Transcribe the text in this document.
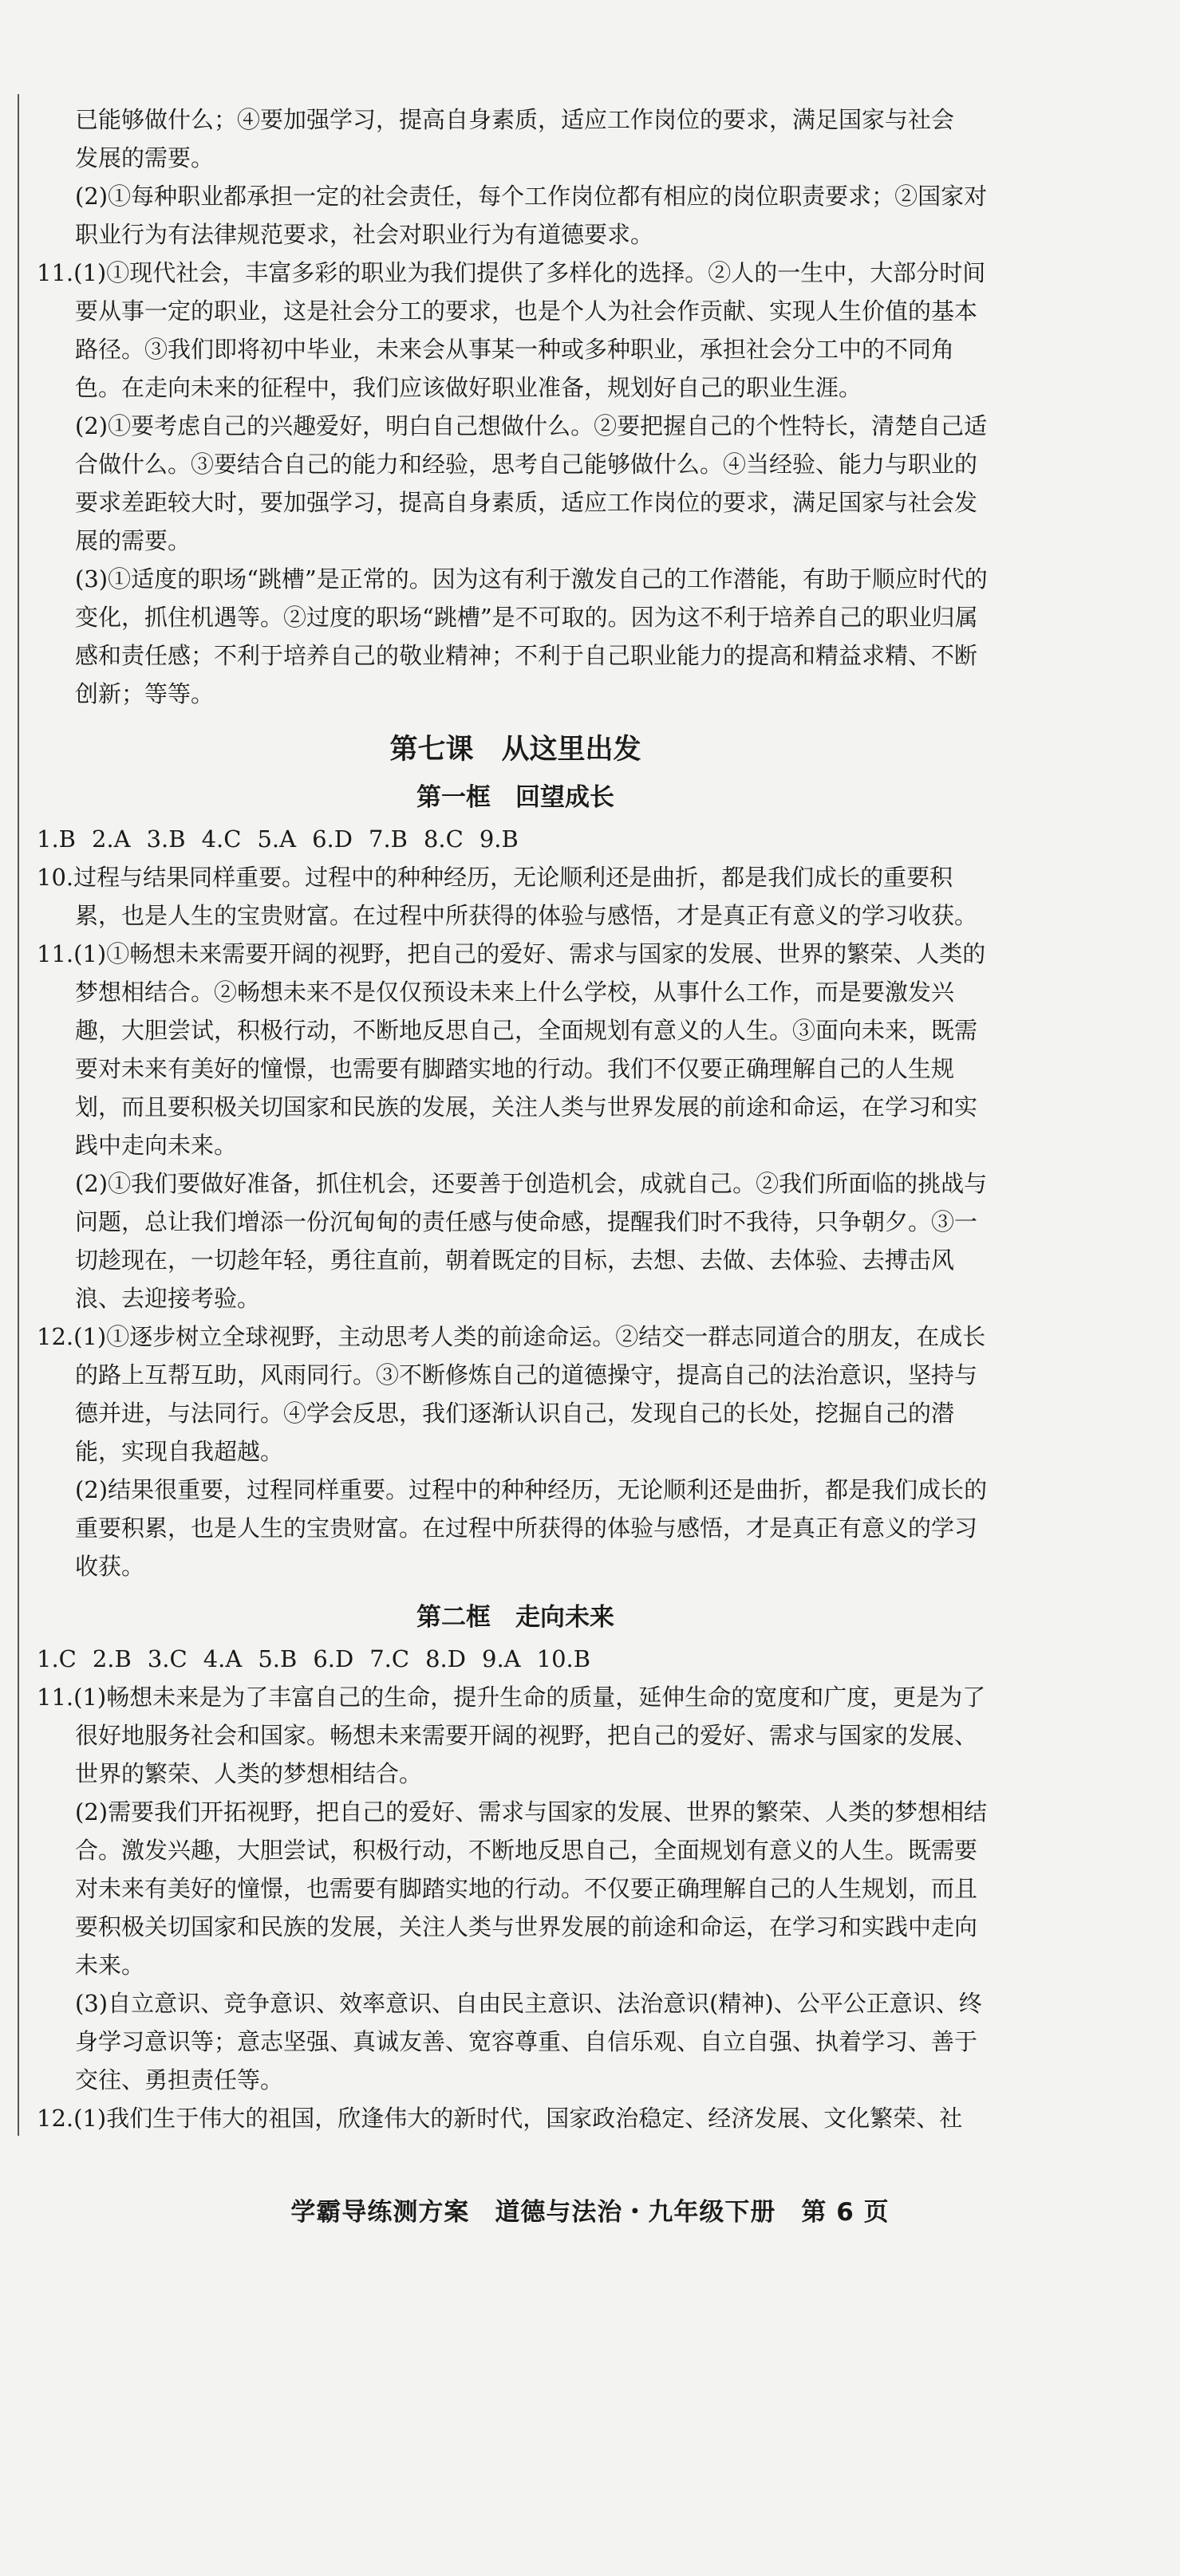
已能够做什么；④要加强学习，提高自身素质，适应工作岗位的要求，满足国家与社会

发展的需要。

(2)①每种职业都承担一定的社会责任，每个工作岗位都有相应的岗位职责要求；②国家对职业行为有法律规范要求，社会对职业行为有道德要求。

11.(1)①现代社会，丰富多彩的职业为我们提供了多样化的选择。②人的一生中，大部分时间要从事一定的职业，这是社会分工的要求，也是个人为社会作贡献、实现人生价值的基本路径。③我们即将初中毕业，未来会从事某一种或多种职业，承担社会分工中的不同角色。在走向未来的征程中，我们应该做好职业准备，规划好自己的职业生涯。

(2)①要考虑自己的兴趣爱好，明白自己想做什么。②要把握自己的个性特长，清楚自己适合做什么。③要结合自己的能力和经验，思考自己能够做什么。④当经验、能力与职业的要求差距较大时，要加强学习，提高自身素质，适应工作岗位的要求，满足国家与社会发展的需要。

(3)①适度的职场“跳槽”是正常的。因为这有利于激发自己的工作潜能，有助于顺应时代的变化，抓住机遇等。②过度的职场“跳槽”是不可取的。因为这不利于培养自己的职业归属感和责任感；不利于培养自己的敬业精神；不利于自己职业能力的提高和精益求精、不断创新；等等。

第七课　从这里出发
第一框　回望成长

1.B 2.A 3.B 4.C 5.A 6.D 7.B 8.C 9.B

10.过程与结果同样重要。过程中的种种经历，无论顺利还是曲折，都是我们成长的重要积累，也是人生的宝贵财富。在过程中所获得的体验与感悟，才是真正有意义的学习收获。

11.(1)①畅想未来需要开阔的视野，把自己的爱好、需求与国家的发展、世界的繁荣、人类的梦想相结合。②畅想未来不是仅仅预设未来上什么学校，从事什么工作，而是要激发兴趣，大胆尝试，积极行动，不断地反思自己，全面规划有意义的人生。③面向未来，既需要对未来有美好的憧憬，也需要有脚踏实地的行动。我们不仅要正确理解自己的人生规划，而且要积极关切国家和民族的发展，关注人类与世界发展的前途和命运，在学习和实践中走向未来。

(2)①我们要做好准备，抓住机会，还要善于创造机会，成就自己。②我们所面临的挑战与问题，总让我们增添一份沉甸甸的责任感与使命感，提醒我们时不我待，只争朝夕。③一切趁现在，一切趁年轻，勇往直前，朝着既定的目标，去想、去做、去体验、去搏击风浪、去迎接考验。

12.(1)①逐步树立全球视野，主动思考人类的前途命运。②结交一群志同道合的朋友，在成长的路上互帮互助，风雨同行。③不断修炼自己的道德操守，提高自己的法治意识，坚持与德并进，与法同行。④学会反思，我们逐渐认识自己，发现自己的长处，挖掘自己的潜能，实现自我超越。

(2)结果很重要，过程同样重要。过程中的种种经历，无论顺利还是曲折，都是我们成长的重要积累，也是人生的宝贵财富。在过程中所获得的体验与感悟，才是真正有意义的学习收获。

第二框　走向未来

1.C 2.B 3.C 4.A 5.B 6.D 7.C 8.D 9.A 10.B

11.(1)畅想未来是为了丰富自己的生命，提升生命的质量，延伸生命的宽度和广度，更是为了很好地服务社会和国家。畅想未来需要开阔的视野，把自己的爱好、需求与国家的发展、世界的繁荣、人类的梦想相结合。

(2)需要我们开拓视野，把自己的爱好、需求与国家的发展、世界的繁荣、人类的梦想相结合。激发兴趣，大胆尝试，积极行动，不断地反思自己，全面规划有意义的人生。既需要对未来有美好的憧憬，也需要有脚踏实地的行动。不仅要正确理解自己的人生规划，而且要积极关切国家和民族的发展，关注人类与世界发展的前途和命运，在学习和实践中走向未来。

(3)自立意识、竞争意识、效率意识、自由民主意识、法治意识(精神)、公平公正意识、终身学习意识等；意志坚强、真诚友善、宽容尊重、自信乐观、自立自强、执着学习、善于交往、勇担责任等。

12.(1)我们生于伟大的祖国，欣逢伟大的新时代，国家政治稳定、经济发展、文化繁荣、社

学霸导练测方案　道德与法治・九年级下册　第 6 页
